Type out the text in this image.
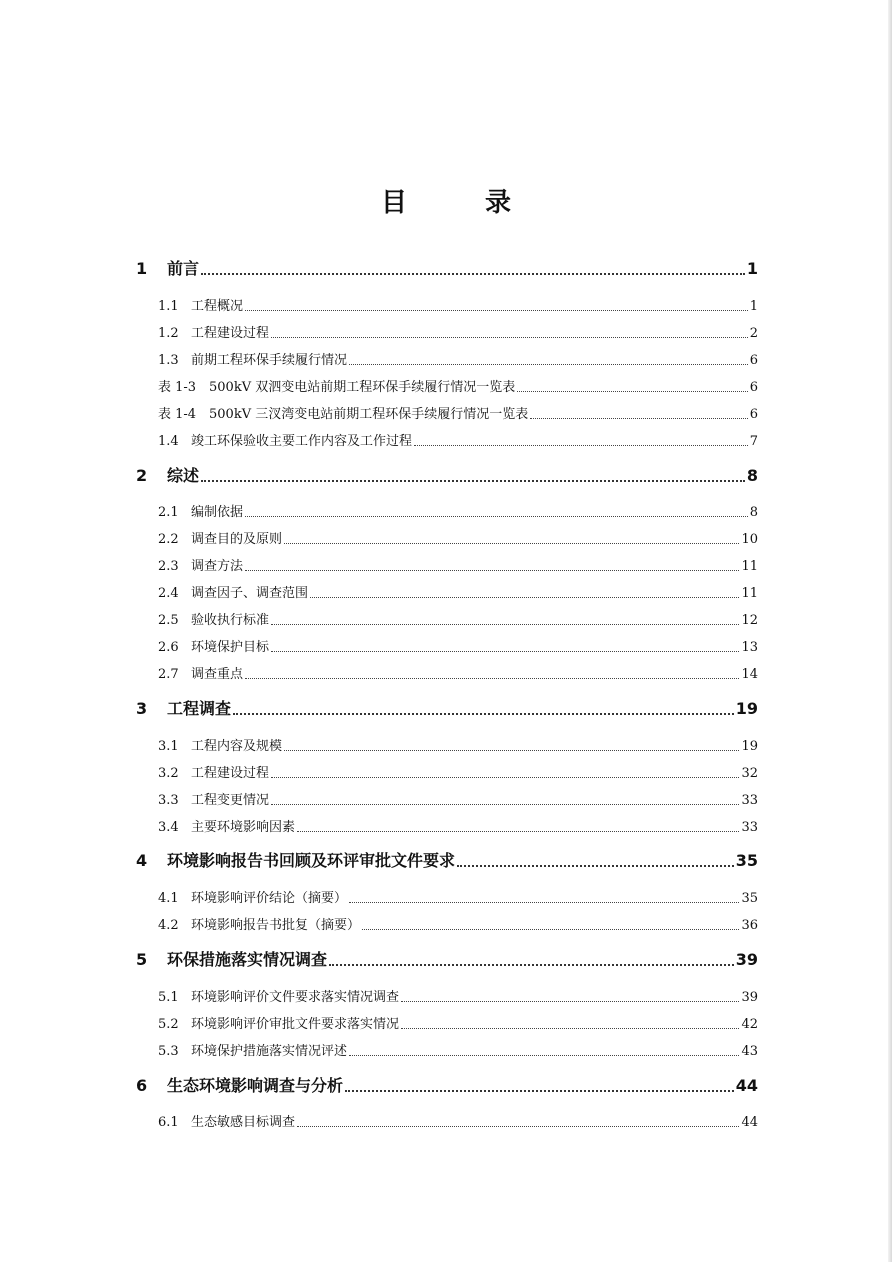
目　录
1	前言	1
1.1 工程概况	1
1.2 工程建设过程	2
1.3 前期工程环保手续履行情况	6
表 1-3 500kV 双泗变电站前期工程环保手续履行情况一览表	6
表 1-4 500kV 三汊湾变电站前期工程环保手续履行情况一览表	6
1.4 竣工环保验收主要工作内容及工作过程	7
2	综述	8
2.1 编制依据	8
2.2 调查目的及原则	10
2.3 调查方法	11
2.4 调查因子、调查范围	11
2.5 验收执行标准	12
2.6 环境保护目标	13
2.7 调查重点	14
3	工程调查	19
3.1 工程内容及规模	19
3.2 工程建设过程	32
3.3 工程变更情况	33
3.4 主要环境影响因素	33
4	环境影响报告书回顾及环评审批文件要求	35
4.1 环境影响评价结论（摘要）	35
4.2 环境影响报告书批复（摘要）	36
5	环保措施落实情况调查	39
5.1 环境影响评价文件要求落实情况调查	39
5.2 环境影响评价审批文件要求落实情况	42
5.3 环境保护措施落实情况评述	43
6	生态环境影响调查与分析	44
6.1 生态敏感目标调查	44
